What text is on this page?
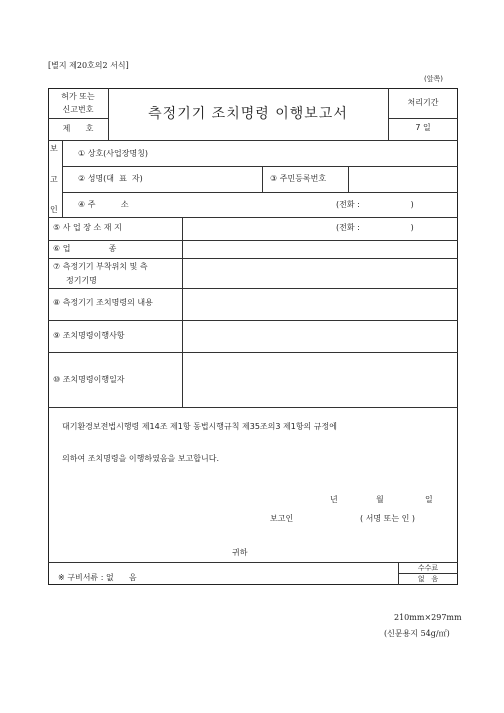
[별지 제20호의2 서식]
(앞쪽)
허가 또는
신고번호
제      호
측정기기 조치명령 이행보고서
처리기간
7 일
보
고
인
① 상호(사업장명칭)
② 성명(대  표  자)	③ 주민등록번호
④ 주          소	(전화 :                    )
⑤ 사 업 장 소 재 지	(전화 :                    )
⑥ 업               종
⑦ 측정기기 부착위치 및 측
정기기명
⑧ 측정기기 조치명령의 내용
⑨ 조치명령이행사항
⑩ 조치명령이행일자
대기환경보전법시행령 제14조 제1항 동법시행규칙 제35조의3 제1항의 규정에
의하여 조치명령을 이행하였음을 보고합니다.
년	월	일
보고인	( 서명 또는 인 )
귀하
※ 구비서류 : 없      음
수수료
없   음
210mm×297mm
(신문용지 54g/㎡)
